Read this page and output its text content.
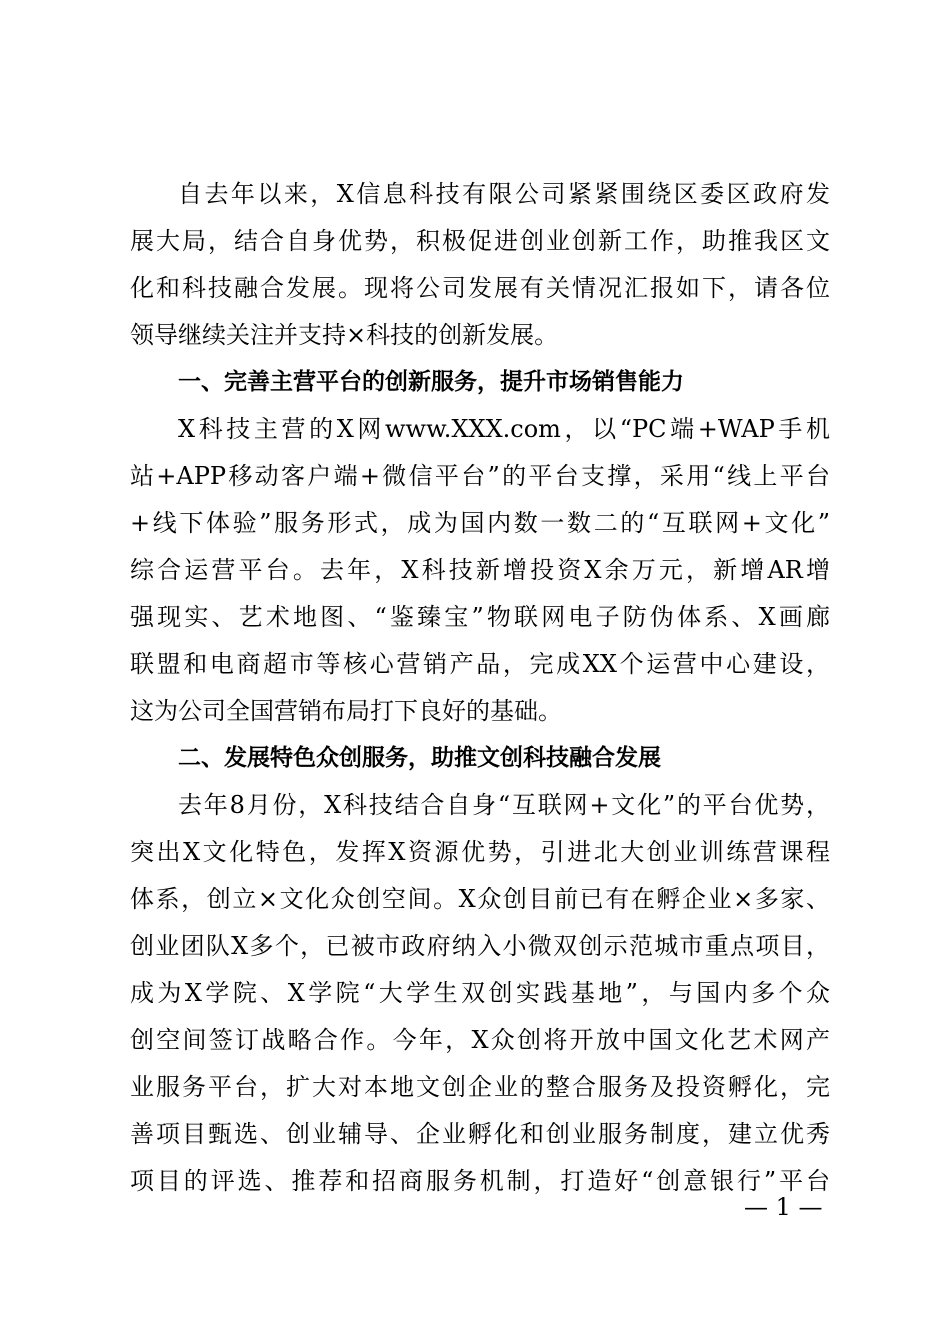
自去年以来，X信息科技有限公司紧紧围绕区委区政府发
展大局，结合自身优势，积极促进创业创新工作，助推我区文
化和科技融合发展。现将公司发展有关情况汇报如下，请各位
领导继续关注并支持×科技的创新发展。
一、完善主营平台的创新服务，提升市场销售能力
X科技主营的X网www.XXX.com，以“PC端+WAP手机
站+APP移动客户端+微信平台”的平台支撑，采用“线上平台
+线下体验”服务形式，成为国内数一数二的“互联网+文化”
综合运营平台。去年，X科技新增投资X余万元，新增AR增
强现实、艺术地图、“鉴臻宝”物联网电子防伪体系、X画廊
联盟和电商超市等核心营销产品，完成XX个运营中心建设，
这为公司全国营销布局打下良好的基础。
二、发展特色众创服务，助推文创科技融合发展
去年8月份，X科技结合自身“互联网+文化”的平台优势，
突出X文化特色，发挥X资源优势，引进北大创业训练营课程
体系，创立×文化众创空间。X众创目前已有在孵企业×多家、
创业团队X多个，已被市政府纳入小微双创示范城市重点项目，
成为X学院、X学院“大学生双创实践基地”，与国内多个众
创空间签订战略合作。今年，X众创将开放中国文化艺术网产
业服务平台，扩大对本地文创企业的整合服务及投资孵化，完
善项目甄选、创业辅导、企业孵化和创业服务制度，建立优秀
项目的评选、推荐和招商服务机制，打造好“创意银行”平台
— 1 —
